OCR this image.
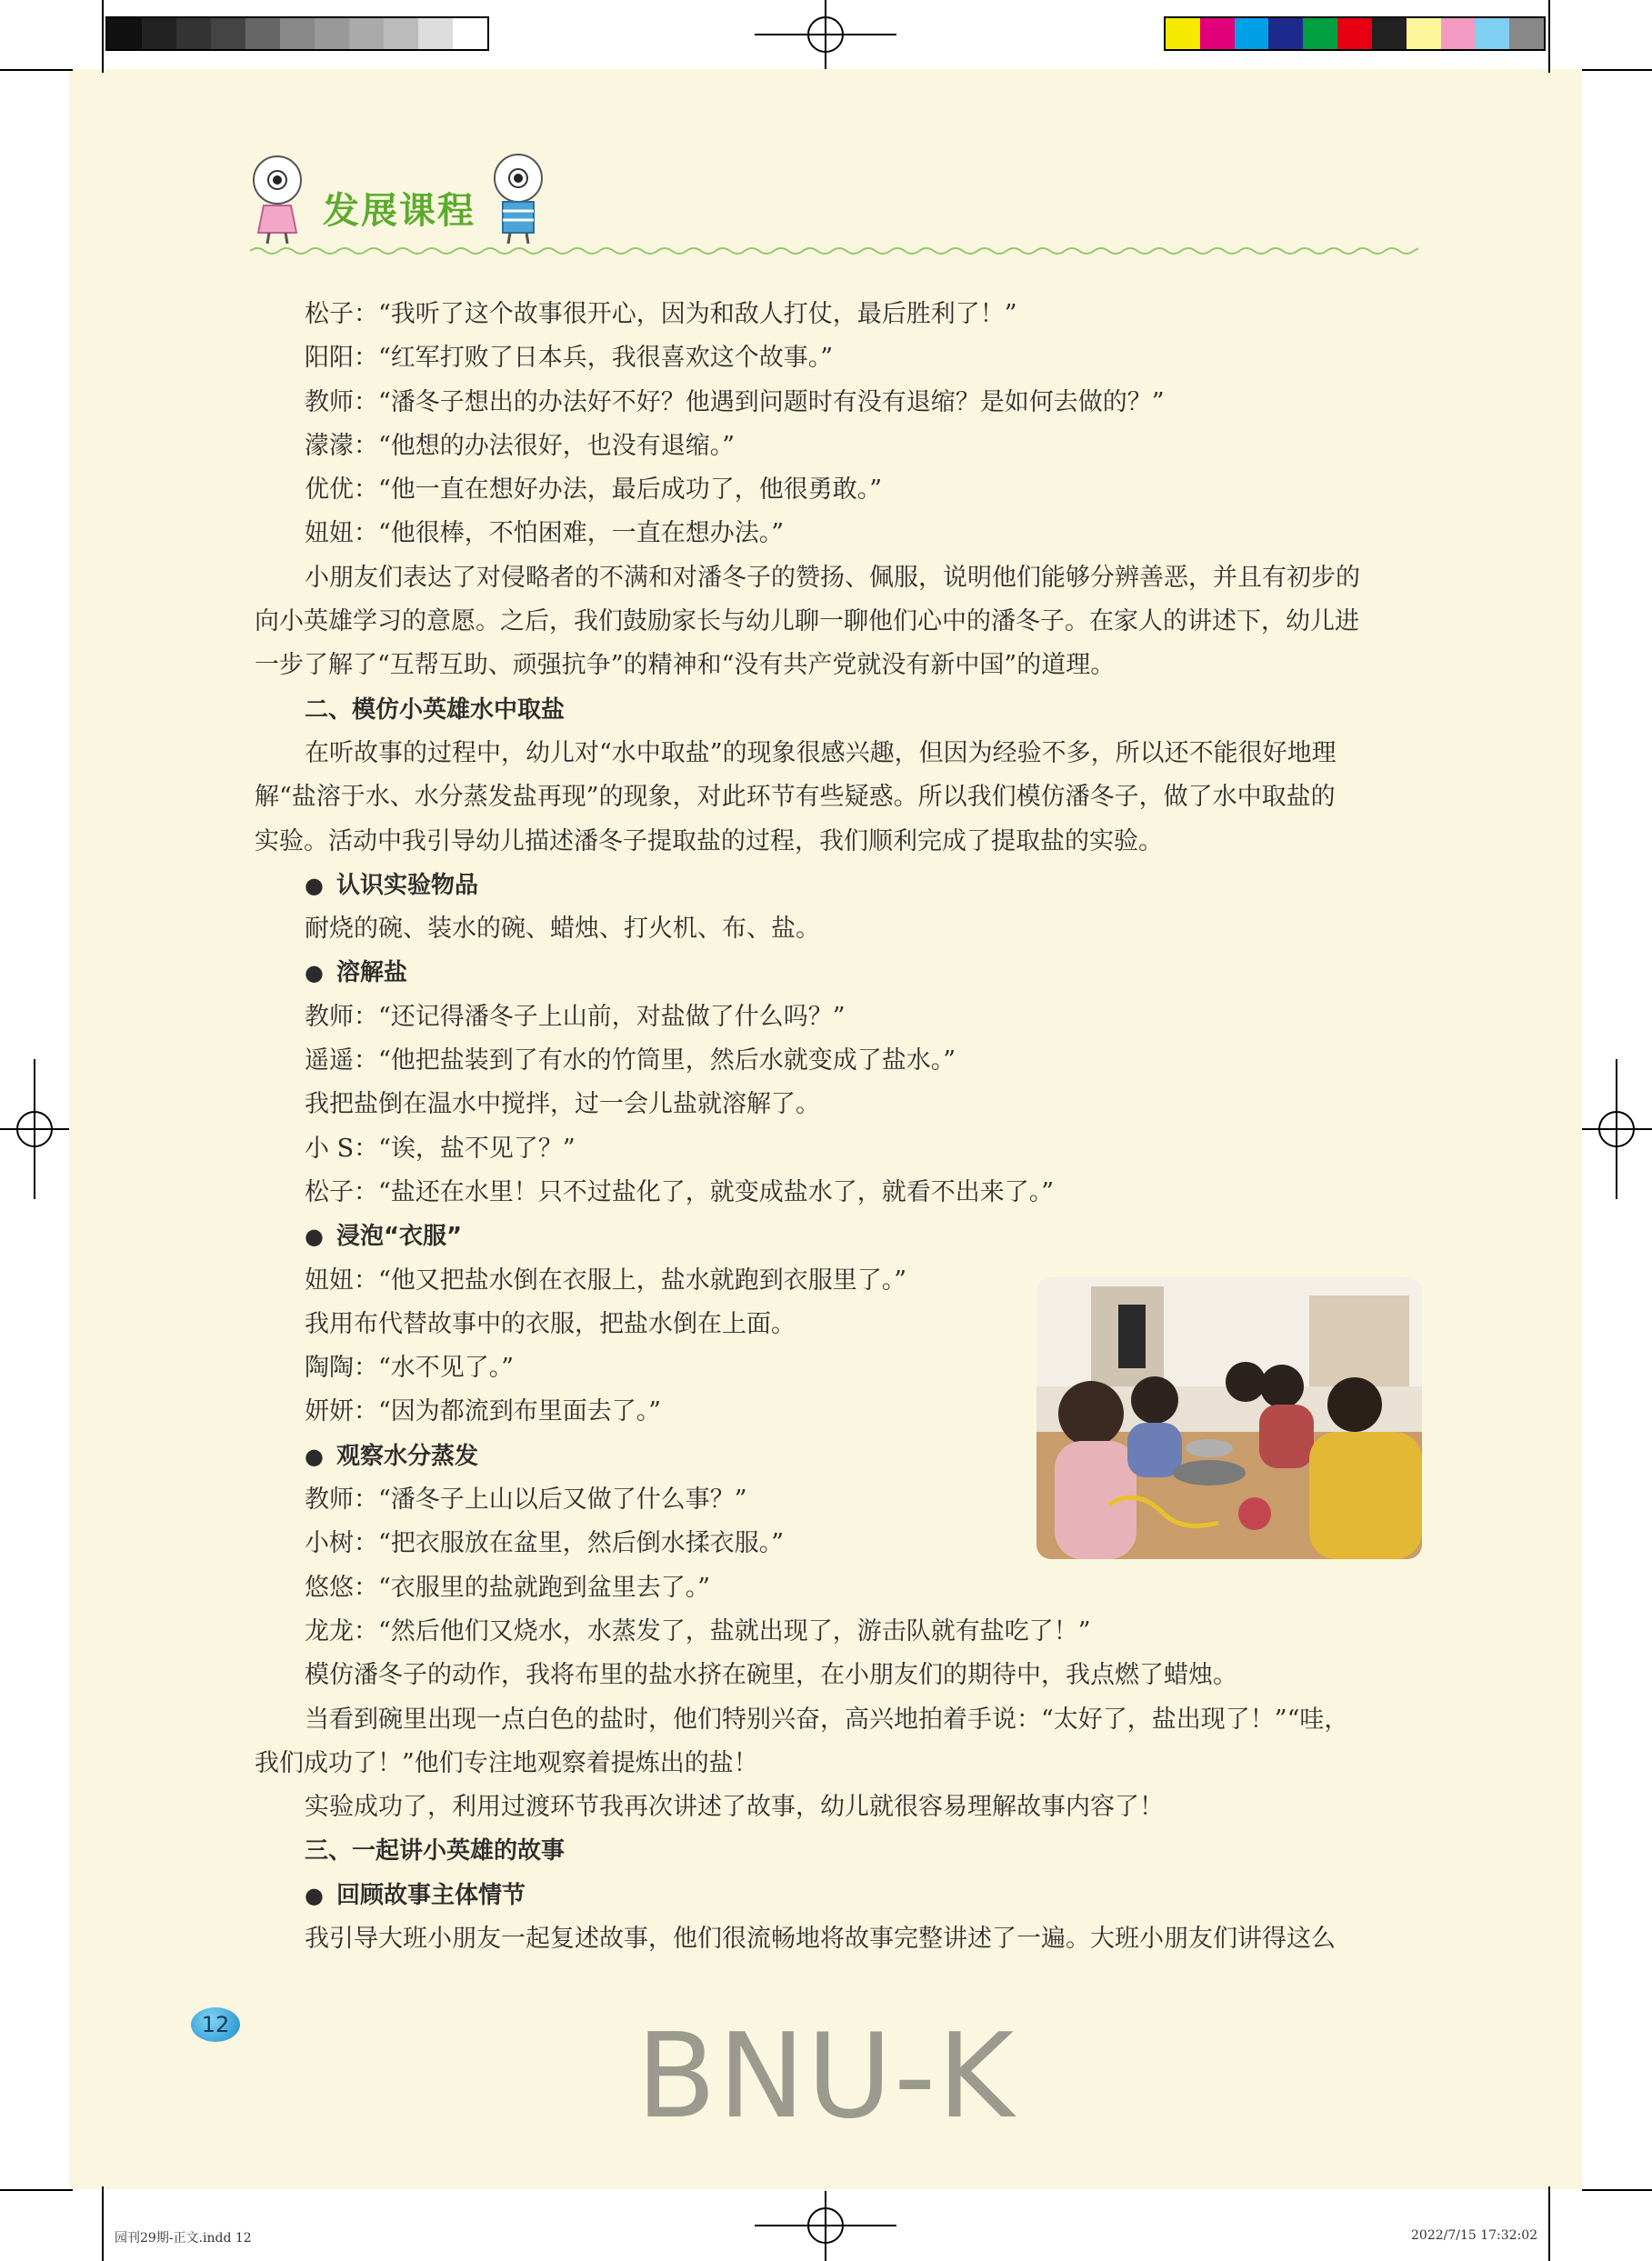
发展课程
松子：“我听了这个故事很开心，因为和敌人打仗，最后胜利了！”
阳阳：“红军打败了日本兵，我很喜欢这个故事。”
教师：“潘冬子想出的办法好不好？他遇到问题时有没有退缩？是如何去做的？”
濛濛：“他想的办法很好，也没有退缩。”
优优：“他一直在想好办法，最后成功了，他很勇敢。”
妞妞：“他很棒，不怕困难，一直在想办法。”
小朋友们表达了对侵略者的不满和对潘冬子的赞扬、佩服，说明他们能够分辨善恶，并且有初步的
向小英雄学习的意愿。之后，我们鼓励家长与幼儿聊一聊他们心中的潘冬子。在家人的讲述下，幼儿进
一步了解了“互帮互助、顽强抗争”的精神和“没有共产党就没有新中国”的道理。
二、模仿小英雄水中取盐
在听故事的过程中，幼儿对“水中取盐”的现象很感兴趣，但因为经验不多，所以还不能很好地理
解“盐溶于水、水分蒸发盐再现”的现象，对此环节有些疑惑。所以我们模仿潘冬子，做了水中取盐的
实验。活动中我引导幼儿描述潘冬子提取盐的过程，我们顺利完成了提取盐的实验。
● 认识实验物品
耐烧的碗、装水的碗、蜡烛、打火机、布、盐。
● 溶解盐
教师：“还记得潘冬子上山前，对盐做了什么吗？”
遥遥：“他把盐装到了有水的竹筒里，然后水就变成了盐水。”
我把盐倒在温水中搅拌，过一会儿盐就溶解了。
小 S：“诶，盐不见了？”
松子：“盐还在水里！只不过盐化了，就变成盐水了，就看不出来了。”
● 浸泡“衣服”
妞妞：“他又把盐水倒在衣服上，盐水就跑到衣服里了。”
我用布代替故事中的衣服，把盐水倒在上面。
陶陶：“水不见了。”
妍妍：“因为都流到布里面去了。”
● 观察水分蒸发
教师：“潘冬子上山以后又做了什么事？”
小树：“把衣服放在盆里，然后倒水揉衣服。”
悠悠：“衣服里的盐就跑到盆里去了。”
龙龙：“然后他们又烧水，水蒸发了，盐就出现了，游击队就有盐吃了！”
模仿潘冬子的动作，我将布里的盐水挤在碗里，在小朋友们的期待中，我点燃了蜡烛。
当看到碗里出现一点白色的盐时，他们特别兴奋，高兴地拍着手说：“太好了，盐出现了！”“哇，
我们成功了！”他们专注地观察着提炼出的盐！
实验成功了，利用过渡环节我再次讲述了故事，幼儿就很容易理解故事内容了！
三、一起讲小英雄的故事
● 回顾故事主体情节
我引导大班小朋友一起复述故事，他们很流畅地将故事完整讲述了一遍。大班小朋友们讲得这么
12	BNU-K
园刊29期-正文.indd 12	2022/7/15 17:32:02
